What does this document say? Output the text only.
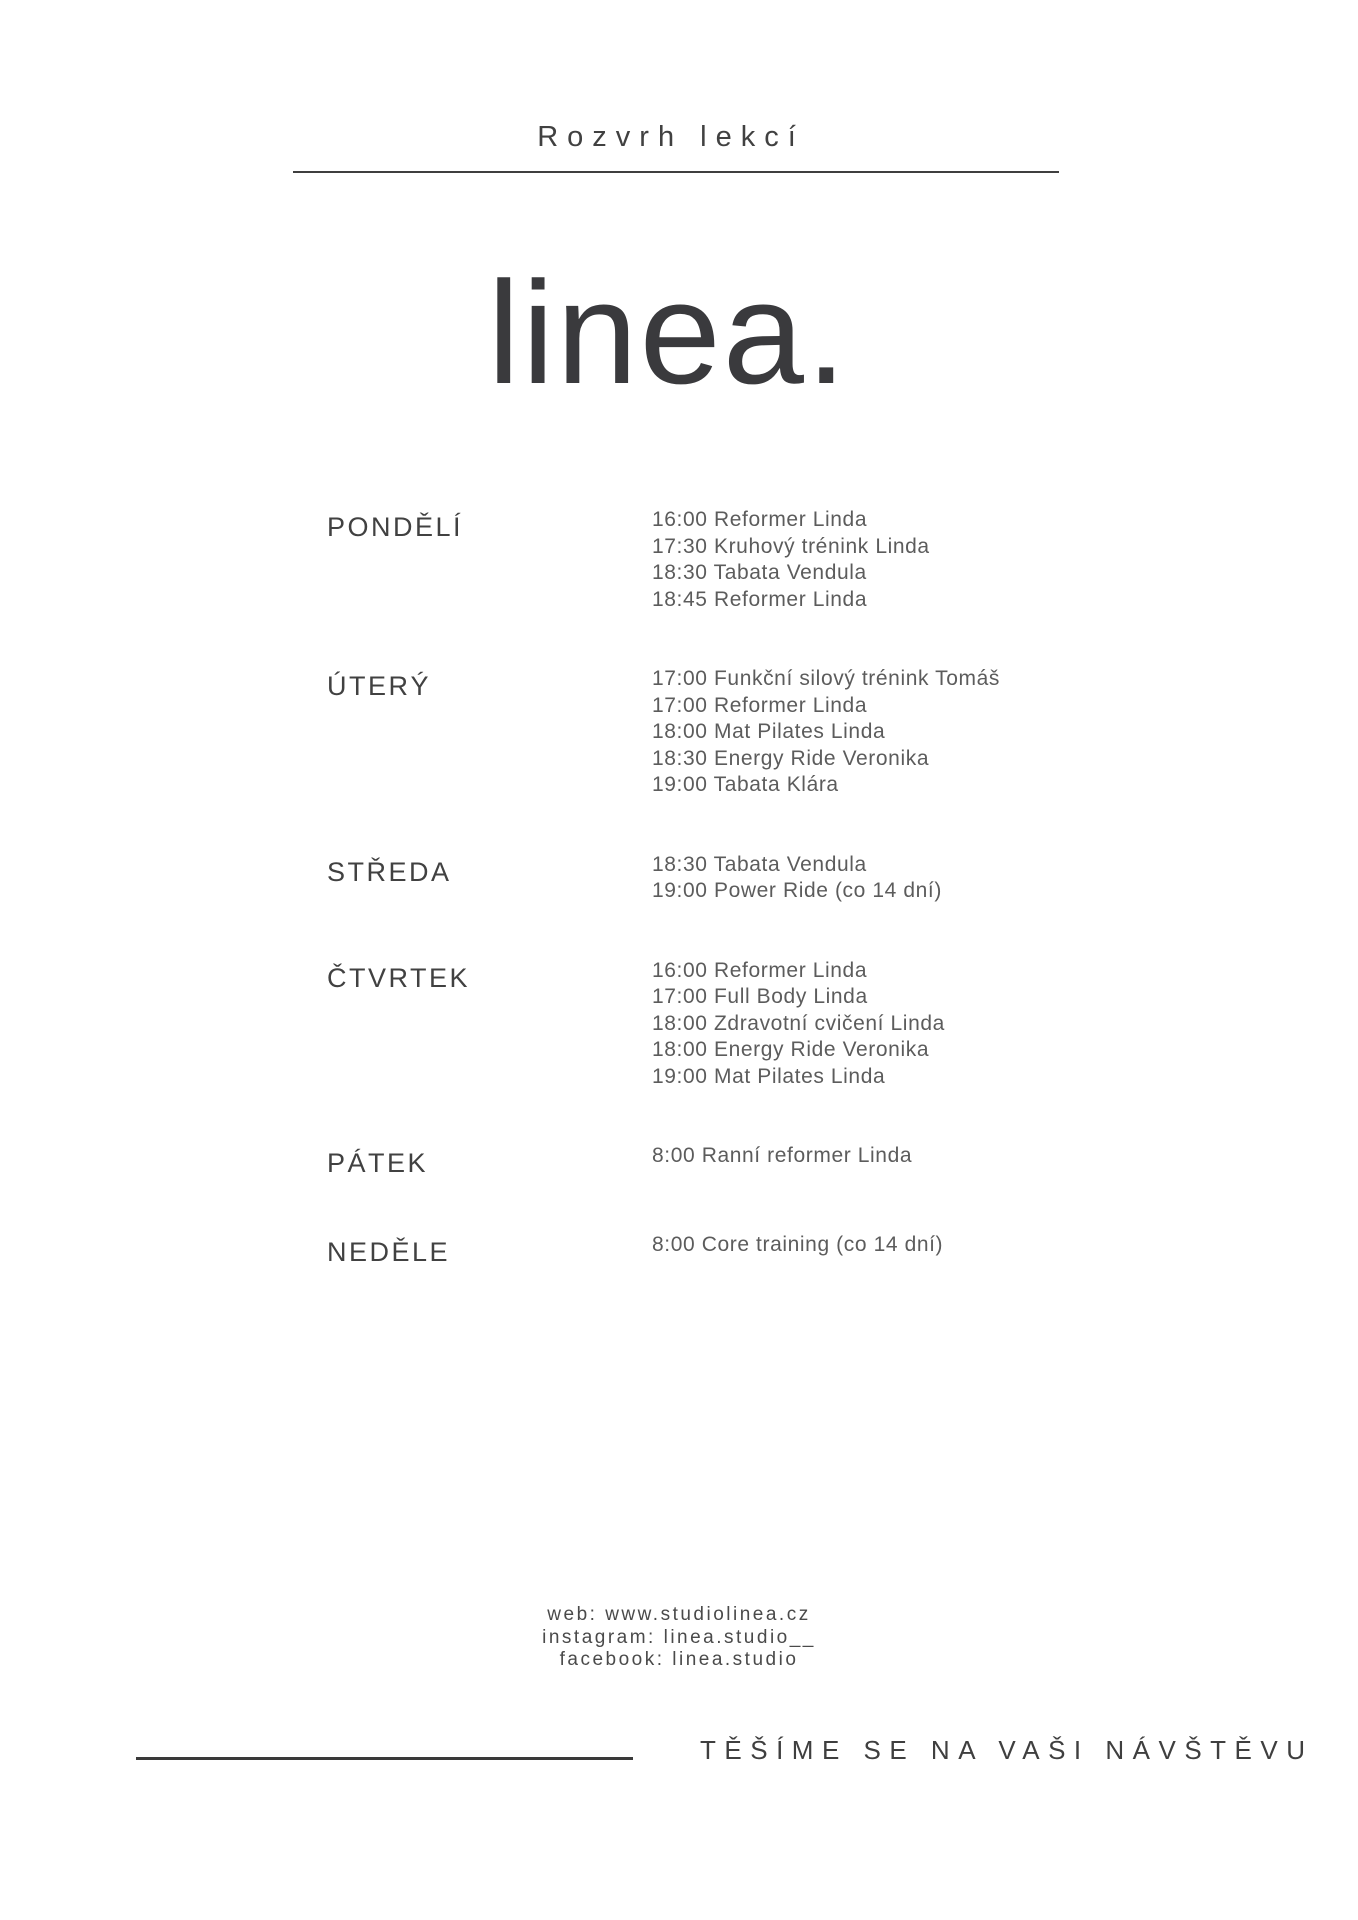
Rozvrh lekcí
linea.
PONDĚLÍ	16:00 Reformer Linda
17:30 Kruhový trénink Linda
18:30 Tabata Vendula
18:45 Reformer Linda
ÚTERÝ	17:00 Funkční silový trénink Tomáš
17:00 Reformer Linda
18:00 Mat Pilates Linda
18:30 Energy Ride Veronika
19:00 Tabata Klára
STŘEDA	18:30 Tabata Vendula
19:00 Power Ride (co 14 dní)
ČTVRTEK	16:00 Reformer Linda
17:00 Full Body Linda
18:00 Zdravotní cvičení Linda
18:00 Energy Ride Veronika
19:00 Mat Pilates Linda
PÁTEK	8:00 Ranní reformer Linda
NEDĚLE	8:00 Core training (co 14 dní)
web: www.studiolinea.cz
instagram: linea.studio__
facebook: linea.studio
TĚŠÍME SE NA VAŠI NÁVŠTĚVU
